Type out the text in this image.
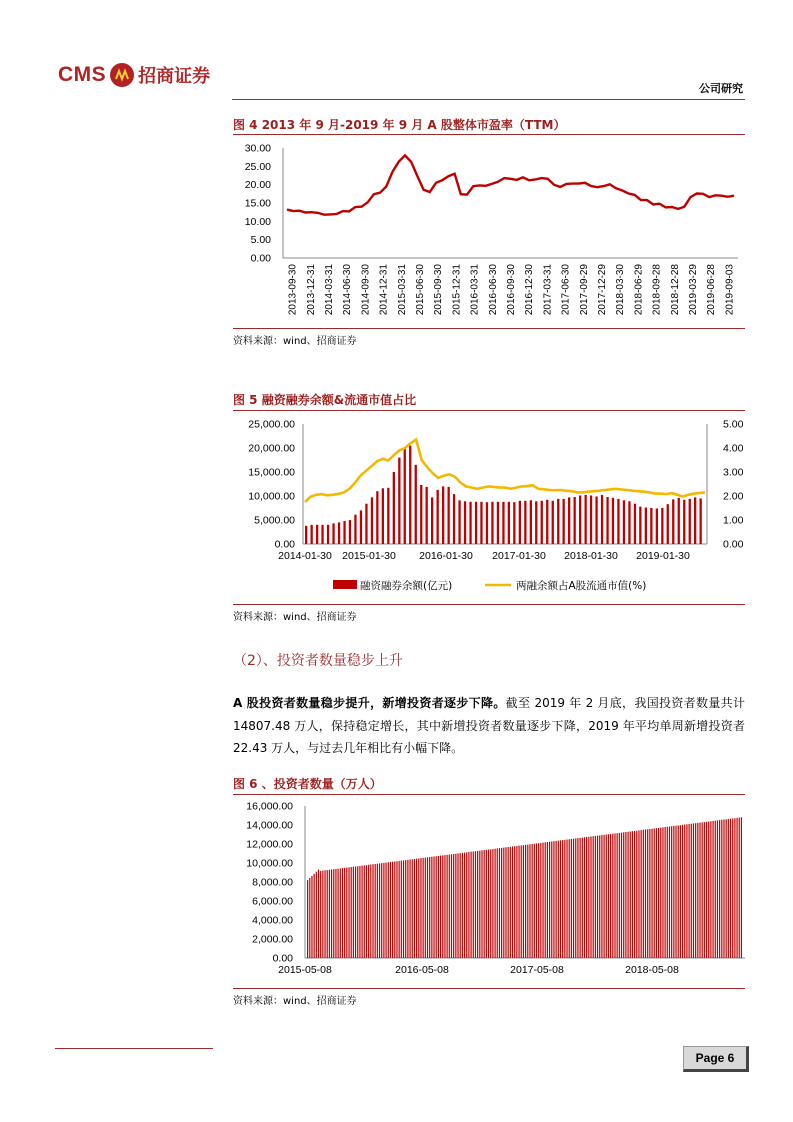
CMS 招商证券
公司研究
图 4 2013 年 9 月-2019 年 9 月 A 股整体市盈率（TTM）
0.00
5.00
10.00
15.00
20.00
25.00
30.00
2013-09-30 2013-12-31 2014-03-31 2014-06-30 2014-09-30 2014-12-31 2015-03-31 2015-06-30 2015-09-30 2015-12-31 2016-03-31 2016-06-30 2016-09-30 2016-12-30 2017-03-31 2017-06-30 2017-09-29 2017-12-29 2018-03-30 2018-06-29 2018-09-28 2018-12-28 2019-03-29 2019-06-28 2019-09-03
资料来源：wind、招商证券
图 5 融资融券余额&流通市值占比
0.00
5,000.00
10,000.00
15,000.00
20,000.00
25,000.00
0.00
1.00
2.00
3.00
4.00
5.00
2014-01-30 2015-01-30 2016-01-30 2017-01-30 2018-01-30 2019-01-30
融资融券余额(亿元)	两融余额占A股流通市值(%)
资料来源：wind、招商证券
（2）、投资者数量稳步上升
A 股投资者数量稳步提升，新增投资者逐步下降。截至 2019 年 2 月底，我国投资者数量共计 14807.48 万人，保持稳定增长，其中新增投资者数量逐步下降，2019 年平均单周新增投资者 22.43 万人，与过去几年相比有小幅下降。
图 6 、投资者数量（万人）
0.00
2,000.00
4,000.00
6,000.00
8,000.00
10,000.00
12,000.00
14,000.00
16,000.00
2015-05-08	2016-05-08	2017-05-08	2018-05-08
资料来源：wind、招商证券
Page 6
